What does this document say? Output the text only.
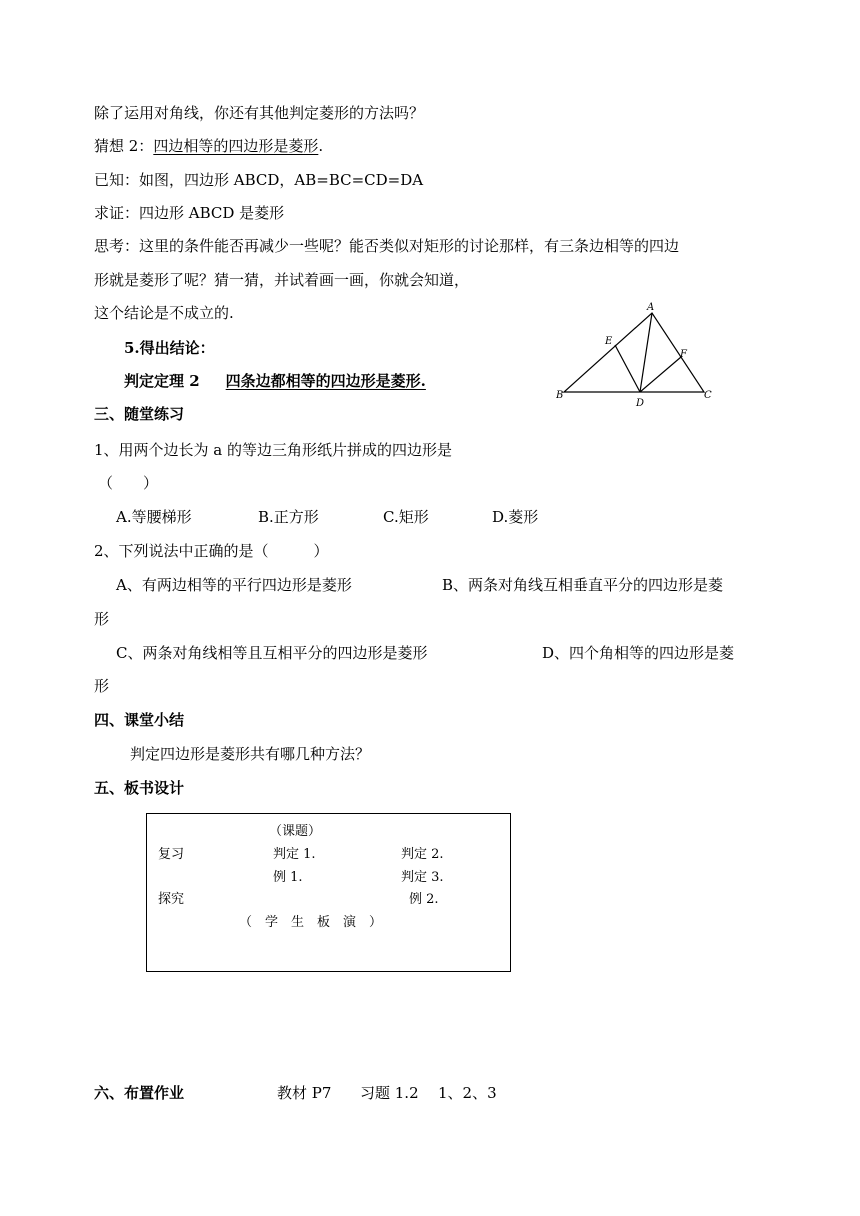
除了运用对角线，你还有其他判定菱形的方法吗？
猜想 2：四边相等的四边形是菱形.
已知：如图，四边形 ABCD，AB=BC=CD=DA
求证：四边形 ABCD 是菱形
思考：这里的条件能否再减少一些呢？能否类似对矩形的讨论那样，有三条边相等的四边
形就是菱形了呢？猜一猜，并试着画一画，你就会知道，
这个结论是不成立的.
5.得出结论：
判定定理 2 四条边都相等的四边形是菱形.
A
B	C
D
E
F
三、随堂练习
1、用两个边长为 a 的等边三角形纸片拼成的四边形是
（　　）
A.等腰梯形	B.正方形	C.矩形	D.菱形
2、下列说法中正确的是（　　　）
A、有两边相等的平行四边形是菱形	B、两条对角线互相垂直平分的四边形是菱
形
C、两条对角线相等且互相平分的四边形是菱形	D、四个角相等的四边形是菱
形
四、课堂小结
判定四边形是菱形共有哪几种方法？
五、板书设计
（课题）
复习	判定 1.	判定 2.
例 1.	判定 3.
探究	例 2.
（　学　生　板　演　）
六、布置作业	教材 P7 习题 1.2 1、2、3
